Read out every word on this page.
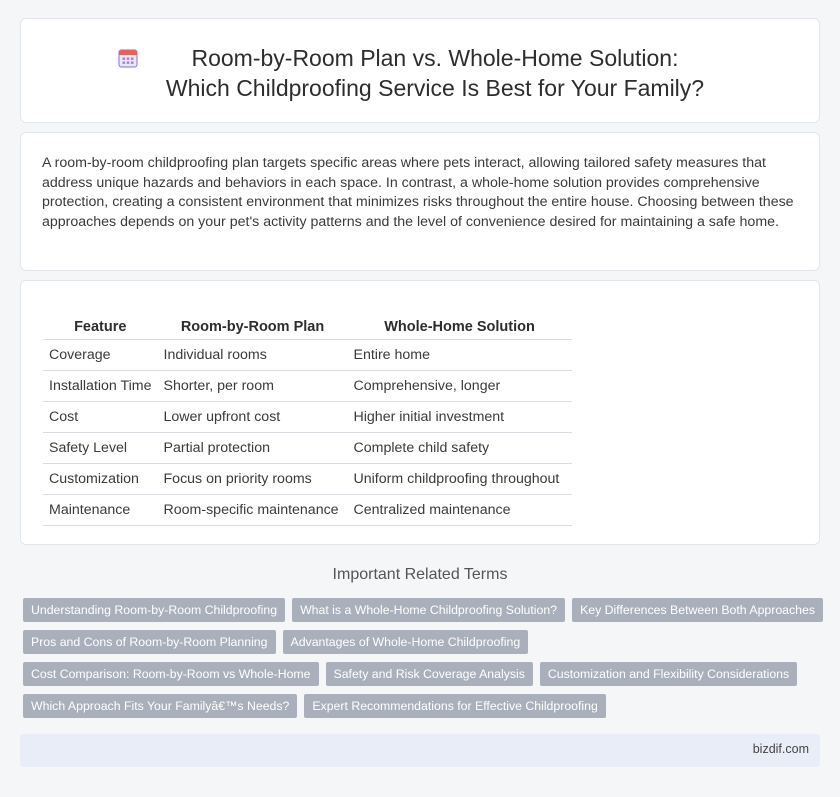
Room-by-Room Plan vs. Whole-Home Solution: Which Childproofing Service Is Best for Your Family?

A room-by-room childproofing plan targets specific areas where pets interact, allowing tailored safety measures that address unique hazards and behaviors in each space. In contrast, a whole-home solution provides comprehensive protection, creating a consistent environment that minimizes risks throughout the entire house. Choosing between these approaches depends on your pet's activity patterns and the level of convenience desired for maintaining a safe home.

Feature	Room-by-Room Plan	Whole-Home Solution
Coverage	Individual rooms	Entire home
Installation Time	Shorter, per room	Comprehensive, longer
Cost	Lower upfront cost	Higher initial investment
Safety Level	Partial protection	Complete child safety
Customization	Focus on priority rooms	Uniform childproofing throughout
Maintenance	Room-specific maintenance	Centralized maintenance
Important Related Terms
Understanding Room-by-Room Childproofing	What is a Whole-Home Childproofing Solution?	Key Differences Between Both Approaches
Pros and Cons of Room-by-Room Planning	Advantages of Whole-Home Childproofing
Cost Comparison: Room-by-Room vs Whole-Home	Safety and Risk Coverage Analysis	Customization and Flexibility Considerations
Which Approach Fits Your Familyâ€™s Needs?	Expert Recommendations for Effective Childproofing
bizdif.com
